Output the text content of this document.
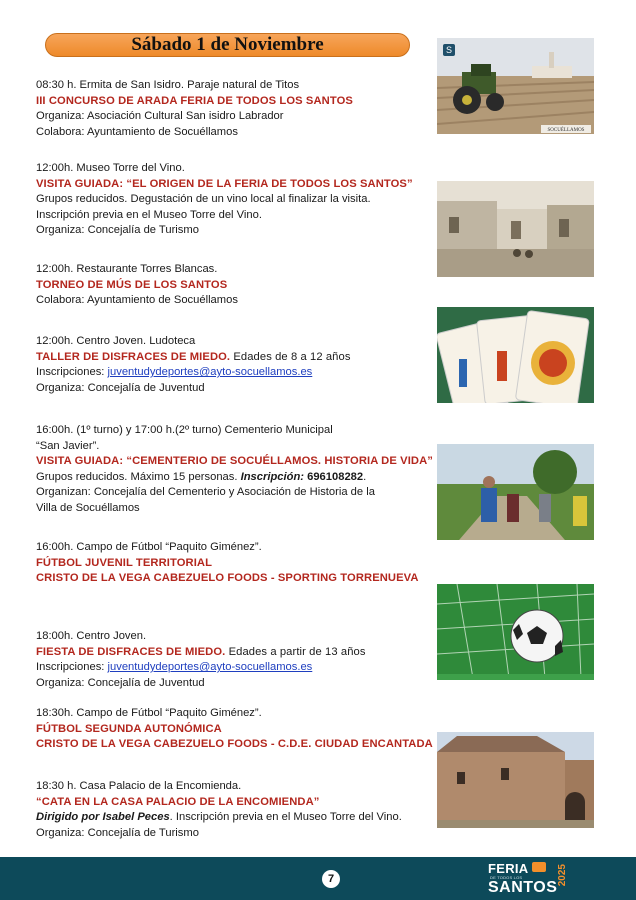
Sábado 1 de Noviembre
08:30 h. Ermita de San Isidro. Paraje natural de Titos
III CONCURSO DE ARADA FERIA DE TODOS LOS SANTOS
Organiza: Asociación Cultural San isidro Labrador
Colabora: Ayuntamiento de Socuéllamos
12:00h. Museo Torre del Vino.
VISITA GUIADA: “EL ORIGEN DE LA FERIA DE TODOS LOS SANTOS”
Grupos reducidos. Degustación de un vino local al finalizar la visita.
Inscripción previa en el Museo Torre del Vino.
Organiza: Concejalía de Turismo
12:00h. Restaurante Torres Blancas.
TORNEO DE MÚS DE LOS SANTOS
Colabora: Ayuntamiento de Socuéllamos
12:00h. Centro Joven. Ludoteca
TALLER DE DISFRACES DE MIEDO. Edades de 8 a 12 años
Inscripciones: juventudydeportes@ayto-socuellamos.es
Organiza: Concejalía de Juventud
16:00h. (1º turno) y 17:00 h.(2º turno) Cementerio Municipal
“San Javier”.
VISITA GUIADA: “CEMENTERIO DE SOCUÉLLAMOS. HISTORIA DE VIDA”
Grupos reducidos. Máximo 15 personas. Inscripción: 696108282.
Organizan: Concejalía del Cementerio y Asociación de Historia de la
Villa de Socuéllamos
16:00h. Campo de Fútbol “Paquito Giménez”.
FÚTBOL JUVENIL TERRITORIAL
CRISTO DE LA VEGA CABEZUELO FOODS - SPORTING TORRENUEVA
18:00h. Centro Joven.
FIESTA DE DISFRACES DE MIEDO. Edades a partir de 13 años
Inscripciones: juventudydeportes@ayto-socuellamos.es
Organiza: Concejalía de Juventud
18:30h. Campo de Fútbol “Paquito Giménez”.
FÚTBOL SEGUNDA AUTONÓMICA
CRISTO DE LA VEGA CABEZUELO FOODS - C.D.E. CIUDAD ENCANTADA
18:30 h. Casa Palacio de la Encomienda.
“CATA EN LA CASA PALACIO DE LA ENCOMIENDA”
Dirigido por Isabel Peces. Inscripción previa en el Museo Torre del Vino.
Organiza: Concejalía de Turismo
S
SOCUÉLLAMOS
7
FERIA
DE TODOS LOS
SANTOS
2025
